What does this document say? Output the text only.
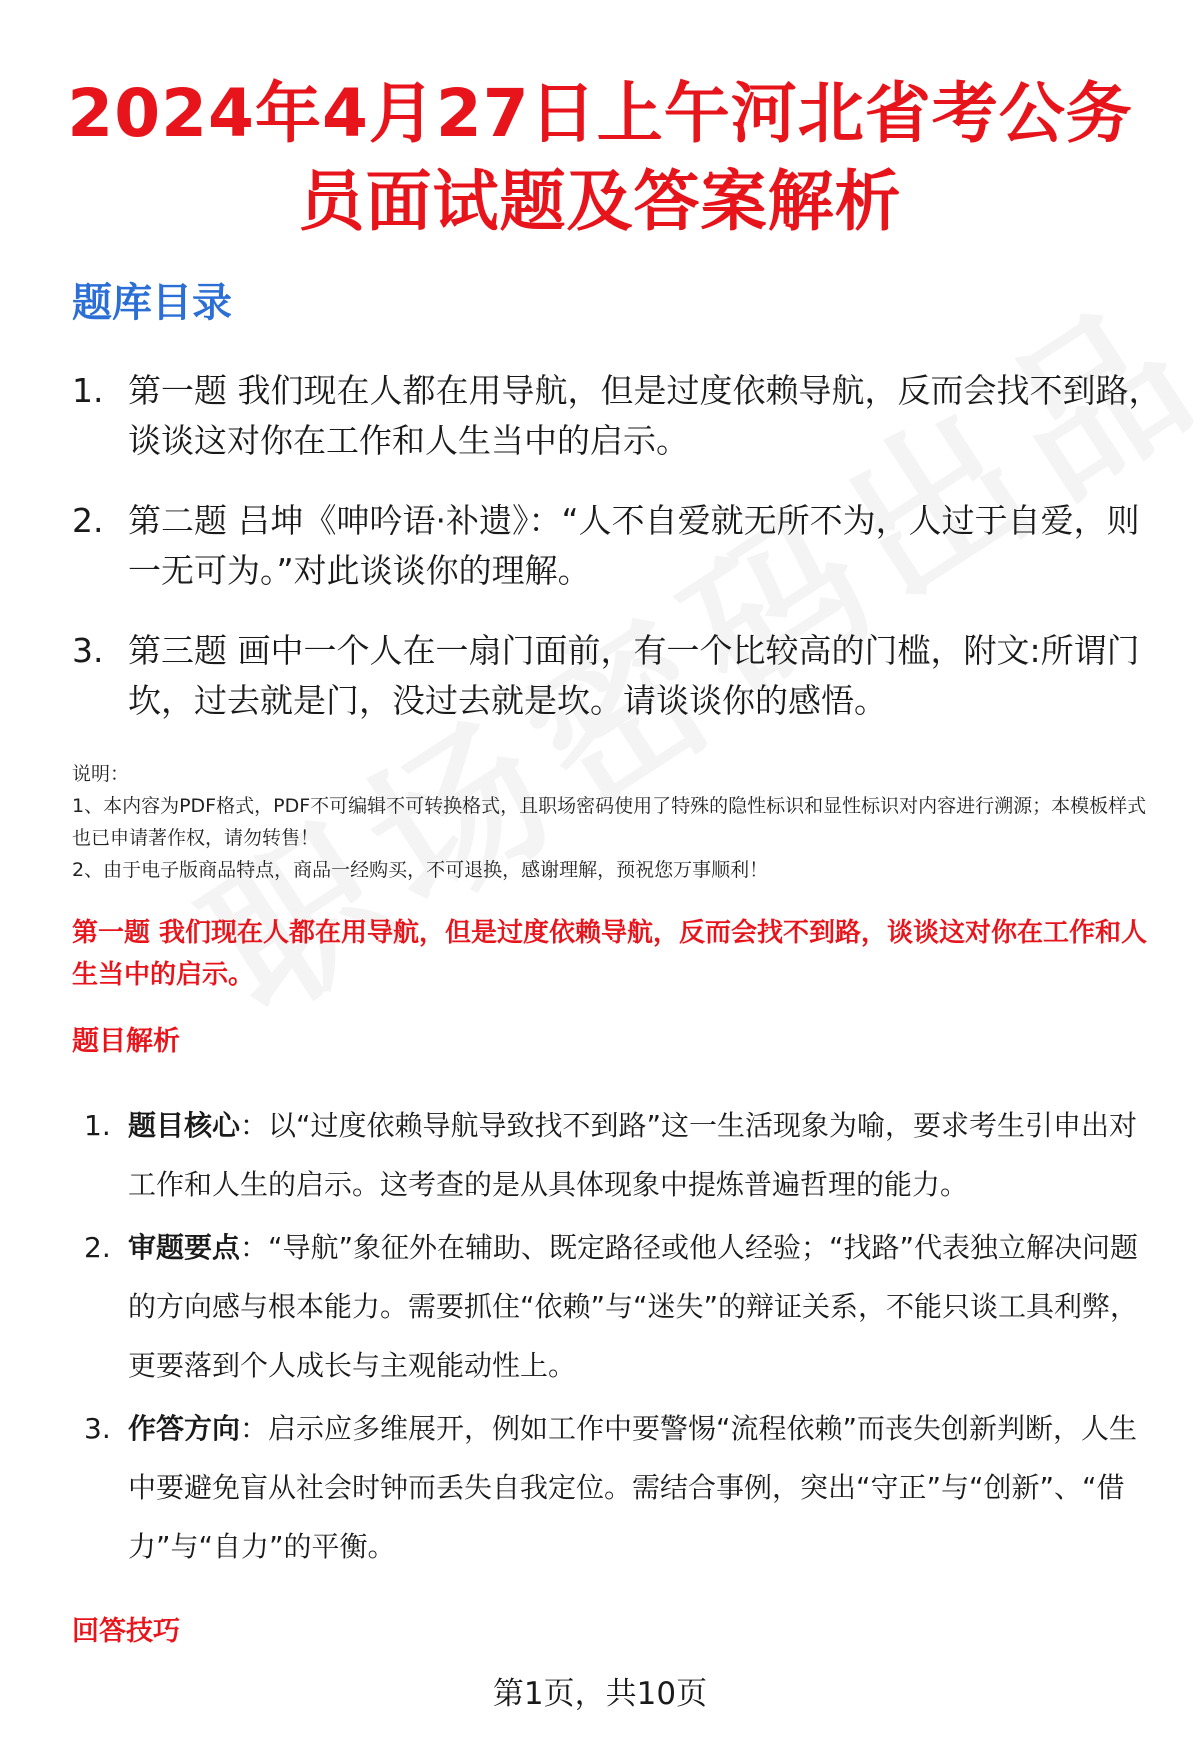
2024年4月27日上午河北省考公务员面试题及答案解析
题库目录
1. 第一题 我们现在人都在用导航，但是过度依赖导航，反而会找不到路，谈谈这对你在工作和人生当中的启示。
2. 第二题 吕坤《呻吟语·补遗》：“人不自爱就无所不为，人过于自爱，则一无可为。”对此谈谈你的理解。
3. 第三题 画中一个人在一扇门面前，有一个比较高的门槛，附文:所谓门坎，过去就是门，没过去就是坎。请谈谈你的感悟。

说明：

1、本内容为PDF格式，PDF不可编辑不可转换格式，且职场密码使用了特殊的隐性标识和显性标识对内容进行溯源；本模板样式也已申请著作权，请勿转售！

2、由于电子版商品特点，商品一经购买，不可退换，感谢理解，预祝您万事顺利！

第一题 我们现在人都在用导航，但是过度依赖导航，反而会找不到路，谈谈这对你在工作和人生当中的启示。
题目解析
1. 题目核心：以“过度依赖导航导致找不到路”这一生活现象为喻，要求考生引申出对工作和人生的启示。这考查的是从具体现象中提炼普遍哲理的能力。
2. 审题要点：“导航”象征外在辅助、既定路径或他人经验；“找路”代表独立解决问题的方向感与根本能力。需要抓住“依赖”与“迷失”的辩证关系，不能只谈工具利弊，更要落到个人成长与主观能动性上。
3. 作答方向：启示应多维展开，例如工作中要警惕“流程依赖”而丧失创新判断，人生中要避免盲从社会时钟而丢失自我定位。需结合事例，突出“守正”与“创新”、“借力”与“自力”的平衡。
回答技巧
第1页，共10页
